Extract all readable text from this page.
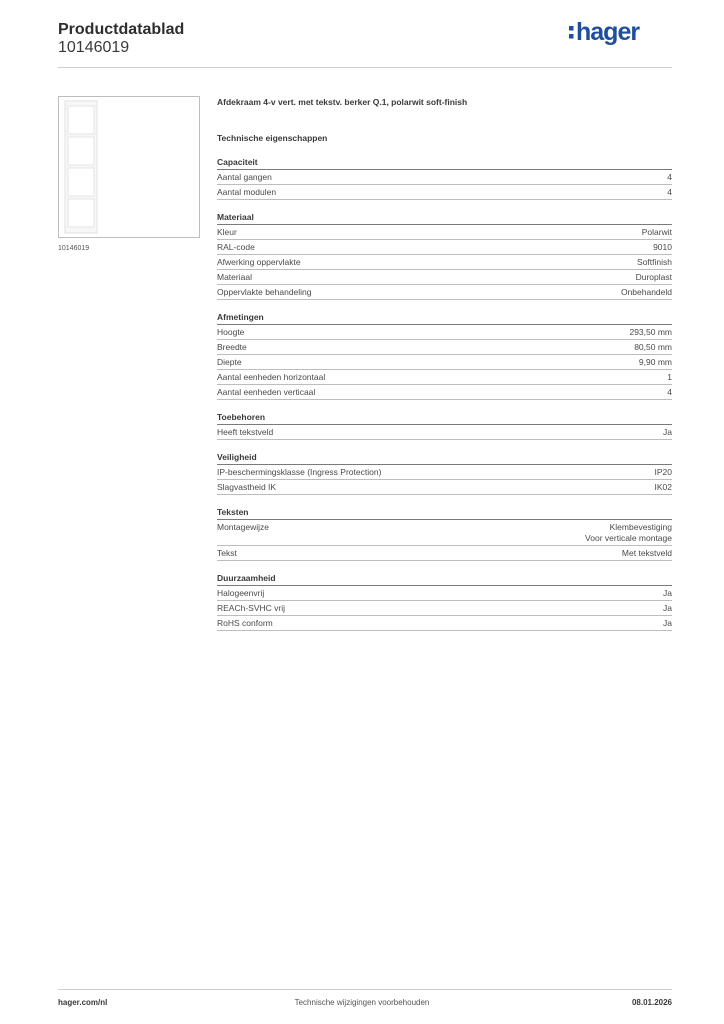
Productdatablad
10146019
hager
10146019
Afdekraam 4-v vert. met tekstv. berker Q.1, polarwit soft-finish
Technische eigenschappen
Capaciteit
Aantal gangen	4
Aantal modulen	4
Materiaal
Kleur	Polarwit
RAL-code	9010
Afwerking oppervlakte	Softfinish
Materiaal	Duroplast
Oppervlakte behandeling	Onbehandeld
Afmetingen
Hoogte	293,50 mm
Breedte	80,50 mm
Diepte	9,90 mm
Aantal eenheden horizontaal	1
Aantal eenheden verticaal	4
Toebehoren
Heeft tekstveld	Ja
Veiligheid
IP-beschermingsklasse (Ingress Protection)	IP20
Slagvastheid IK	IK02
Teksten
Montagewijze	Klembevestiging
Voor verticale montage
Tekst	Met tekstveld
Duurzaamheid
Halogeenvrij	Ja
REACh-SVHC vrij	Ja
RoHS conform	Ja
hager.com/nl	Technische wijzigingen voorbehouden	08.01.2026
